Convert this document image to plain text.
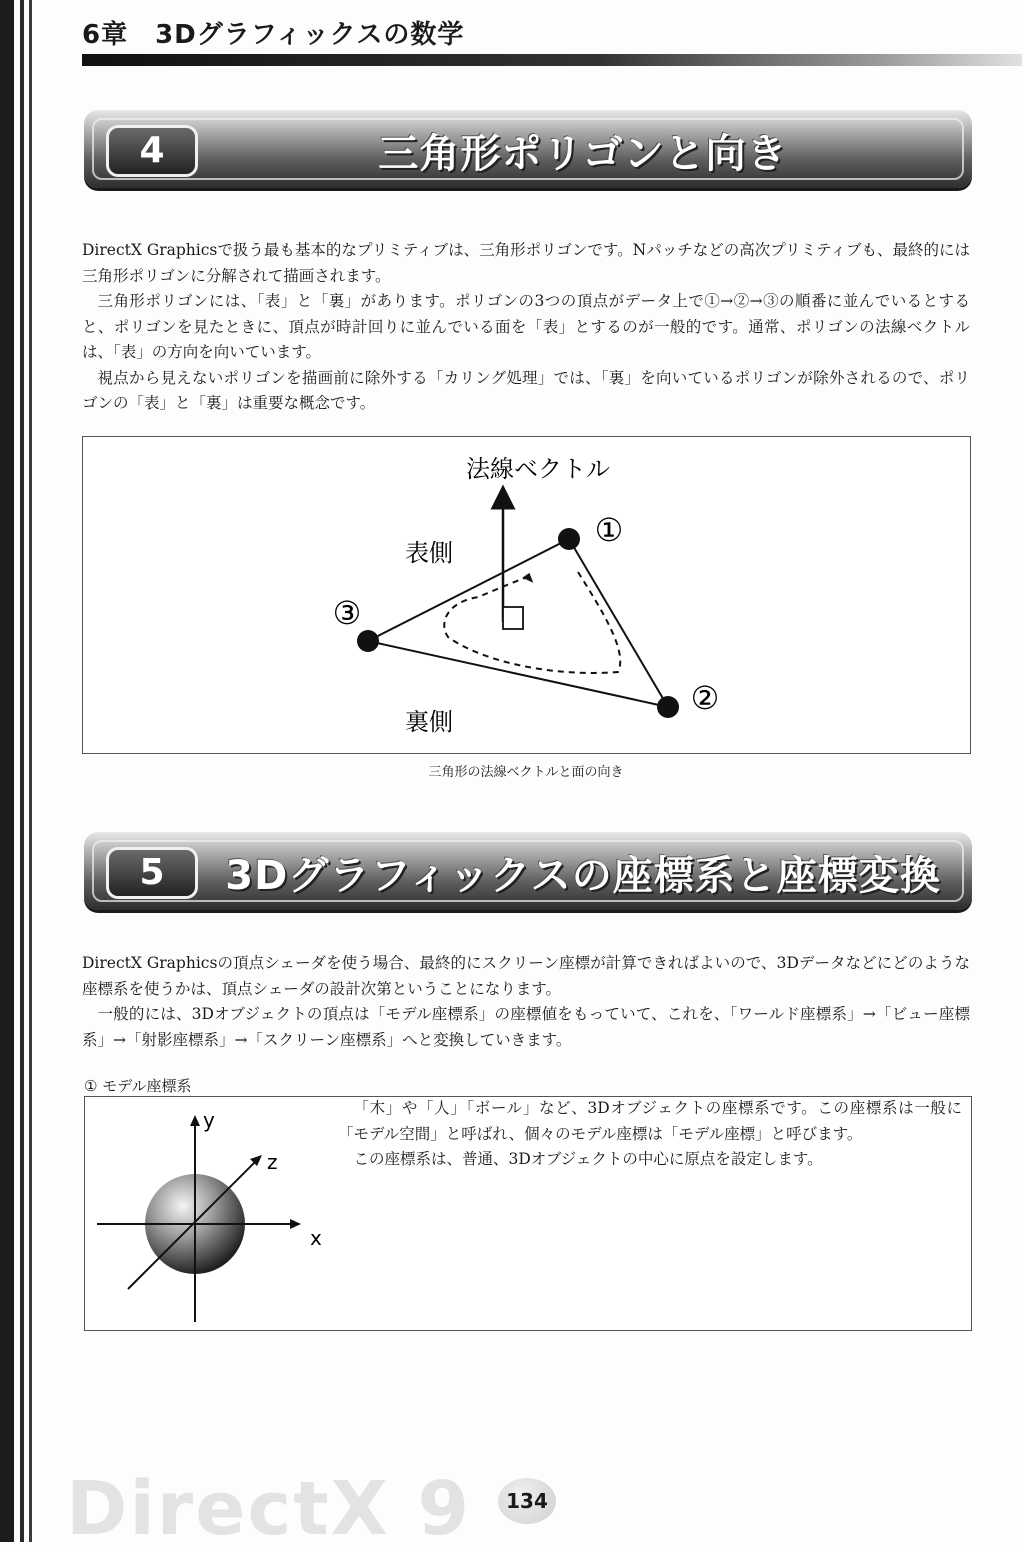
6章　3Dグラフィックスの数学
4	三角形ポリゴンと向き

DirectX Graphicsで扱う最も基本的なプリミティブは、三角形ポリゴンです。Nパッチなどの高次プリミティブも、最終的には三角形ポリゴンに分解されて描画されます。

三角形ポリゴンには、「表」と「裏」があります。ポリゴンの3つの頂点がデータ上で①→②→③の順番に並んでいるとすると、ポリゴンを見たときに、頂点が時計回りに並んでいる面を「表」とするのが一般的です。通常、ポリゴンの法線ベクトルは、「表」の方向を向いています。

視点から見えないポリゴンを描画前に除外する「カリング処理」では、「裏」を向いているポリゴンが除外されるので、ポリゴンの「表」と「裏」は重要な概念です。

法線ベクトル
表側
裏側
①
②
③
三角形の法線ベクトルと面の向き
5	3Dグラフィックスの座標系と座標変換

DirectX Graphicsの頂点シェーダを使う場合、最終的にスクリーン座標が計算できればよいので、3Dデータなどにどのような座標系を使うかは、頂点シェーダの設計次第ということになります。

一般的には、3Dオブジェクトの頂点は「モデル座標系」の座標値をもっていて、これを、「ワールド座標系」→「ビュー座標系」→「射影座標系」→「スクリーン座標系」へと変換していきます。

① モデル座標系
x
y
z

「木」や「人」「ボール」など、3Dオブジェクトの座標系です。この座標系は一般に「モデル空間」と呼ばれ、個々のモデル座標は「モデル座標」と呼びます。

この座標系は、普通、3Dオブジェクトの中心に原点を設定します。

DirectX 9	134
